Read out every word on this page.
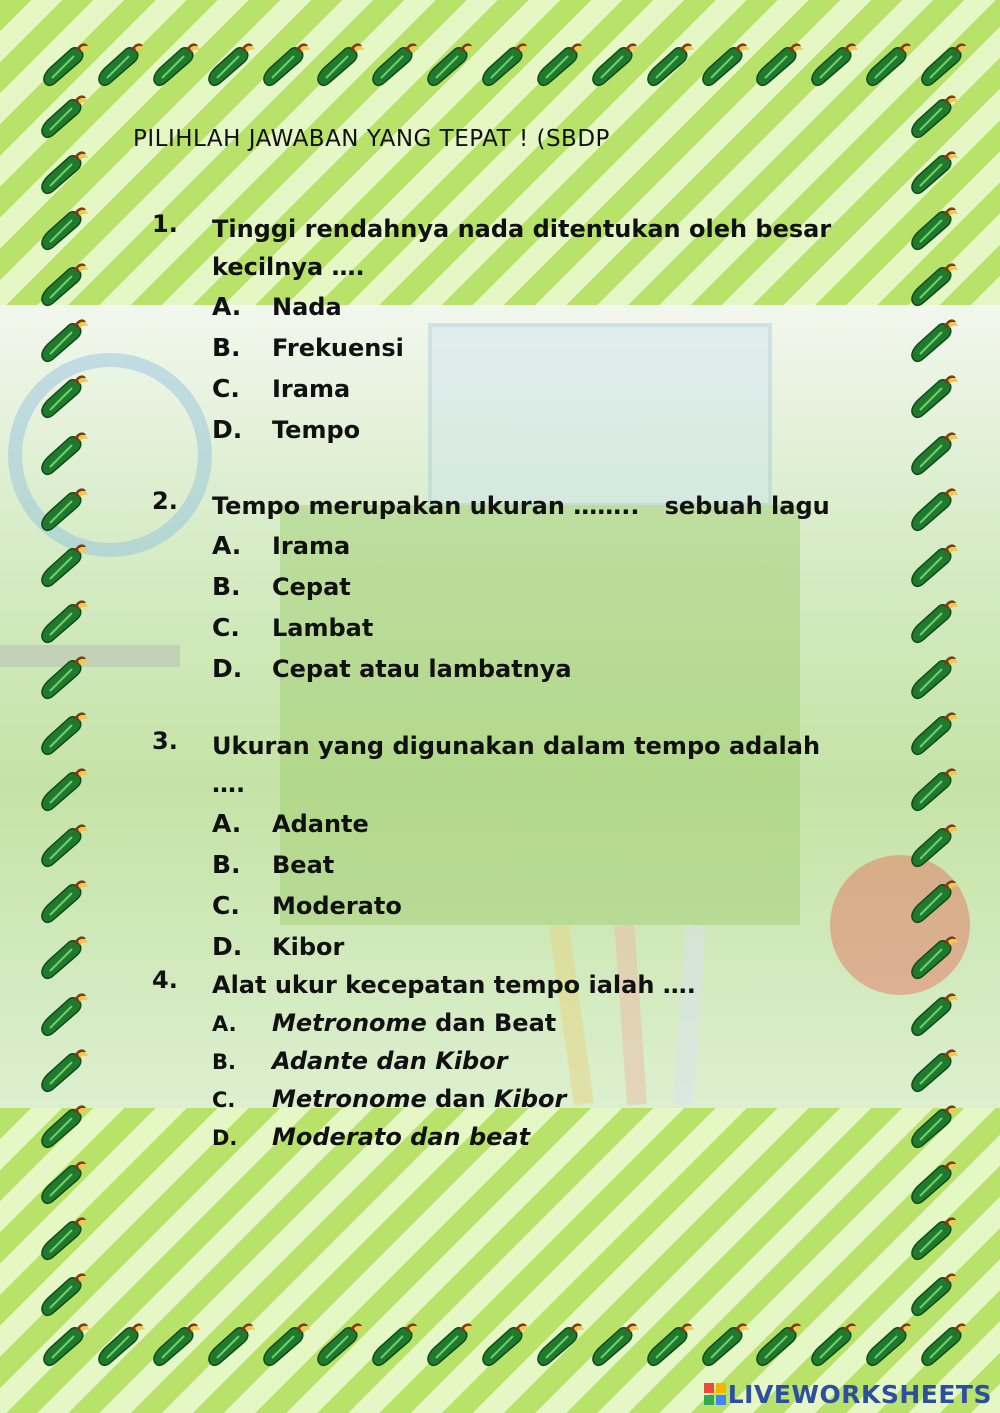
PILIHLAH JAWABAN YANG TEPAT ! (SBDP
1.	Tinggi rendahnya nada ditentukan oleh besar
kecilnya ….
A. Nada
B. Frekuensi
C. Irama
D. Tempo
2.	Tempo merupakan ukuran ……..   sebuah lagu
A. Irama
B. Cepat
C. Lambat
D. Cepat atau lambatnya
3.	Ukuran yang digunakan dalam tempo adalah ….
A. Adante
B. Beat
C. Moderato
D. Kibor
4.	Alat ukur kecepatan tempo ialah ….
A. Metronome dan Beat
B. Adante dan Kibor
C. Metronome dan Kibor
D. Moderato dan beat
LIVEWORKSHEETS
